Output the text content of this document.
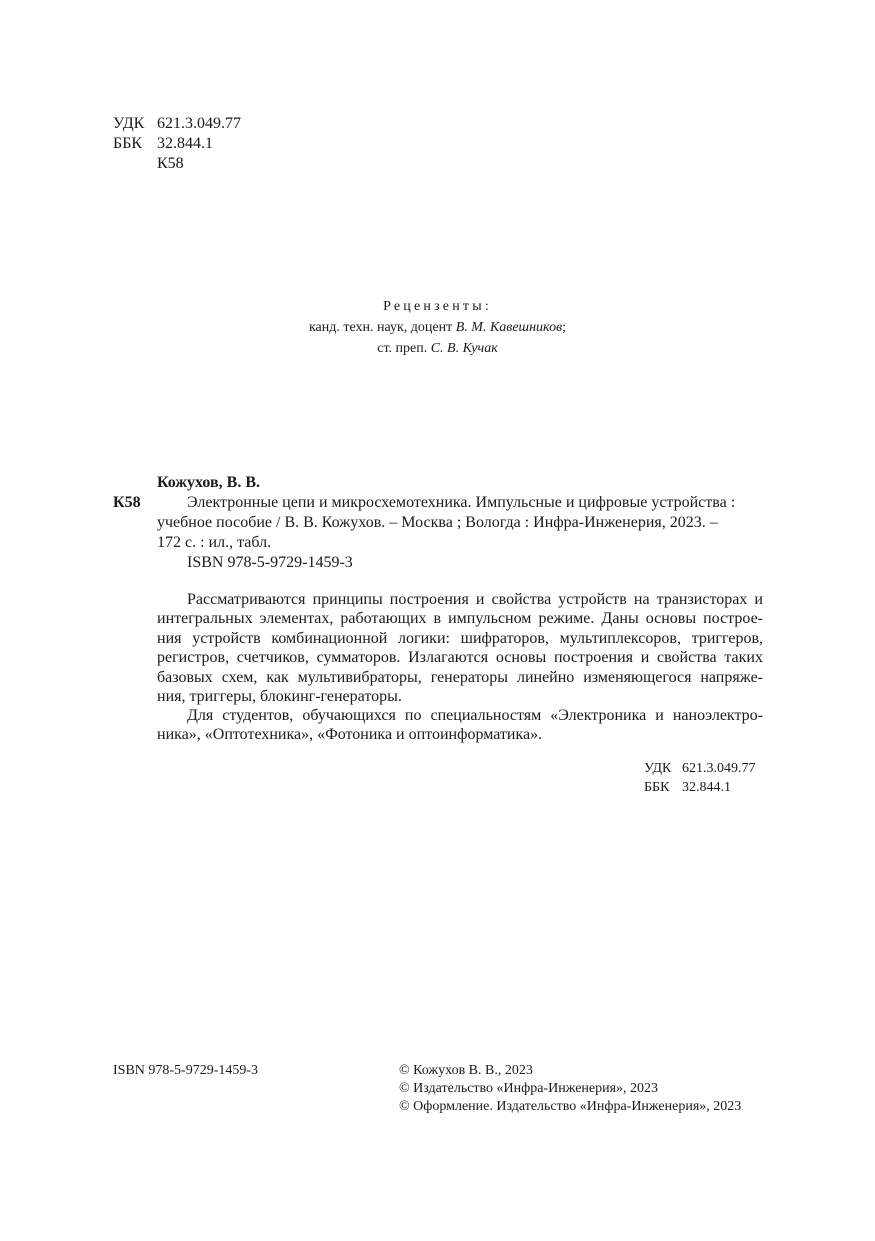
УДК 621.3.049.77
ББК 32.844.1
К58
Рецензенты:
канд. техн. наук, доцент В. М. Кавешников;
ст. преп. С. В. Кучак
Кожухов, В. В.
К58	Электронные цепи и микросхемотехника. Импульсные и цифровые устройства :
учебное пособие / В. В. Кожухов. – Москва ; Вологда : Инфра-Инженерия, 2023. –
172 с. : ил., табл.
ISBN 978-5-9729-1459-3
Рассматриваются принципы построения и свойства устройств на транзисторах и
интегральных элементах, работающих в импульсном режиме. Даны основы построе-
ния устройств комбинационной логики: шифраторов, мультиплексоров, триггеров,
регистров, счетчиков, сумматоров. Излагаются основы построения и свойства таких
базовых схем, как мультивибраторы, генераторы линейно изменяющегося напряже-
ния, триггеры, блокинг-генераторы.
Для студентов, обучающихся по специальностям «Электроника и наноэлектро-
ника», «Оптотехника», «Фотоника и оптоинформатика».
УДК 621.3.049.77
ББК 32.844.1
ISBN 978-5-9729-1459-3	© Кожухов В. В., 2023
© Издательство «Инфра-Инженерия», 2023
© Оформление. Издательство «Инфра-Инженерия», 2023
